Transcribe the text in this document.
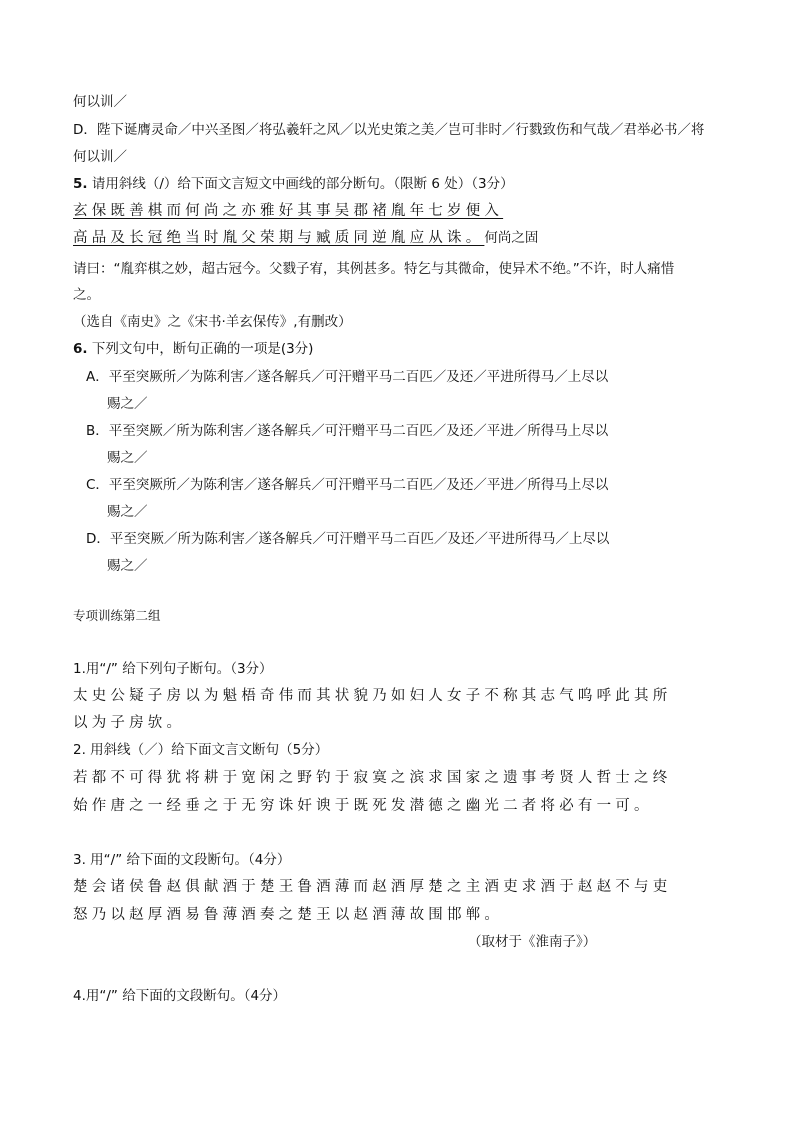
何以训／
D．陛下诞膺灵命／中兴圣图／将弘羲轩之风／以光史策之美／岂可非时／行戮致伤和气哉／君举必书／将
何以训／
5. 请用斜线（/）给下面文言短文中画线的部分断句。（限断 6 处）（3分）
玄保既善棋而何尚之亦雅好其事吴郡褚胤年七岁便入
高品及长冠绝当时胤父荣期与臧质同逆胤应从诛。何尚之固
请曰：“胤弈棋之妙，超古冠今。父戮子宥，其例甚多。特乞与其微命，使异术不绝。”不许，时人痛惜
之。
（选自《南史》之《宋书·羊玄保传》,有删改）
6. 下列文句中，断句正确的一项是(3分)
A．平至突厥所／为陈利害／遂各解兵／可汗赠平马二百匹／及还／平进所得马／上尽以
赐之／
B．平至突厥／所为陈利害／遂各解兵／可汗赠平马二百匹／及还／平进／所得马上尽以
赐之／
C．平至突厥所／为陈利害／遂各解兵／可汗赠平马二百匹／及还／平进／所得马上尽以
赐之／
D．平至突厥／所为陈利害／遂各解兵／可汗赠平马二百匹／及还／平进所得马／上尽以
赐之／
专项训练第二组
1.用“/” 给下列句子断句。（3分）
太史公疑子房以为魁梧奇伟而其状貌乃如妇人女子不称其志气呜呼此其所
以为子房欤。
2. 用斜线（／）给下面文言文断句（5分）
若都不可得犹将耕于宽闲之野钓于寂寞之滨求国家之遗事考贤人哲士之终
始作唐之一经垂之于无穷诛奸谀于既死发潜德之幽光二者将必有一可。
3. 用“/” 给下面的文段断句。（4分）
楚会诸侯鲁赵俱献酒于楚王鲁酒薄而赵酒厚楚之主酒吏求酒于赵赵不与吏
怒乃以赵厚酒易鲁薄酒奏之楚王以赵酒薄故围邯郸。
（取材于《淮南子》）
4.用“/” 给下面的文段断句。（4分）
